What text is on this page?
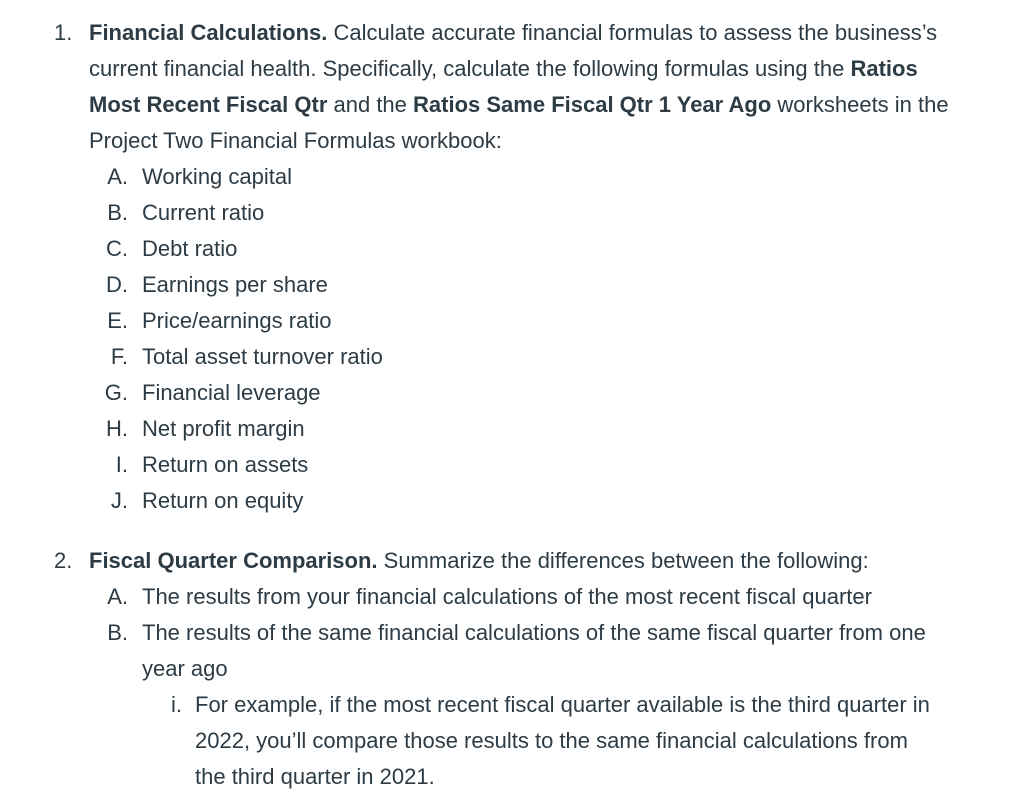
1. Financial Calculations. Calculate accurate financial formulas to assess the business’s
current financial health. Specifically, calculate the following formulas using the Ratios
Most Recent Fiscal Qtr and the Ratios Same Fiscal Qtr 1 Year Ago worksheets in the
Project Two Financial Formulas workbook:
A. Working capital
B. Current ratio
C. Debt ratio
D. Earnings per share
E. Price/earnings ratio
F. Total asset turnover ratio
G. Financial leverage
H. Net profit margin
I. Return on assets
J. Return on equity
2. Fiscal Quarter Comparison. Summarize the differences between the following:
A. The results from your financial calculations of the most recent fiscal quarter
B. The results of the same financial calculations of the same fiscal quarter from one
year ago
i. For example, if the most recent fiscal quarter available is the third quarter in
2022, you’ll compare those results to the same financial calculations from
the third quarter in 2021.
